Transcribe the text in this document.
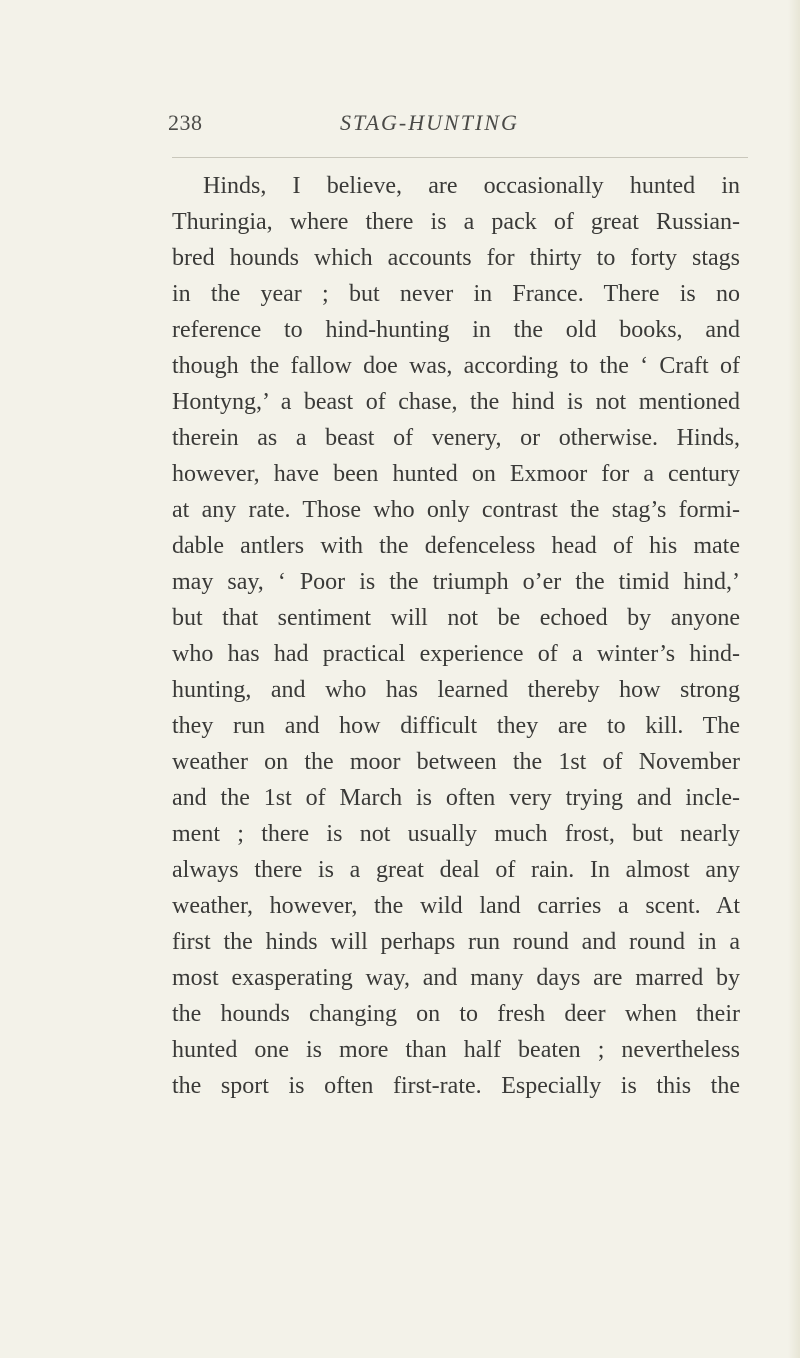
238	STAG-HUNTING
Hinds, I believe, are occasionally hunted in
Thuringia, where there is a pack of great Russian-
bred hounds which accounts for thirty to forty stags
in the year ; but never in France. There is no
reference to hind-hunting in the old books, and
though the fallow doe was, according to the ‘ Craft of
Hontyng,’ a beast of chase, the hind is not mentioned
therein as a beast of venery, or otherwise. Hinds,
however, have been hunted on Exmoor for a century
at any rate. Those who only contrast the stag’s formi-
dable antlers with the defenceless head of his mate
may say, ‘ Poor is the triumph o’er the timid hind,’
but that sentiment will not be echoed by anyone
who has had practical experience of a winter’s hind-
hunting, and who has learned thereby how strong
they run and how difficult they are to kill. The
weather on the moor between the 1st of November
and the 1st of March is often very trying and incle-
ment ; there is not usually much frost, but nearly
always there is a great deal of rain. In almost any
weather, however, the wild land carries a scent. At
first the hinds will perhaps run round and round in a
most exasperating way, and many days are marred by
the hounds changing on to fresh deer when their
hunted one is more than half beaten ; nevertheless
the sport is often first-rate. Especially is this the
